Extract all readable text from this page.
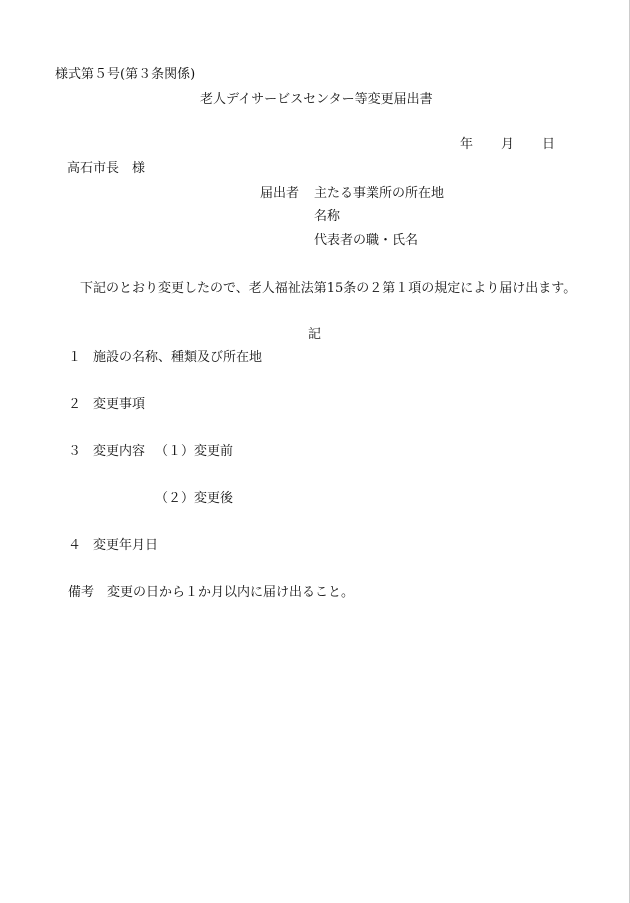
様式第５号(第３条関係)
老人デイサービスセンター等変更届出書
年 月 日
高石市長　様
届出者 主たる事業所の所在地
名称
代表者の職・氏名
下記のとおり変更したので、老人福祉法第15条の２第１項の規定により届け出ます。
記
１ 施設の名称、種類及び所在地
２ 変更事項
３ 変更内容 （１）変更前
（２）変更後
４ 変更年月日
備考　変更の日から１か月以内に届け出ること。
